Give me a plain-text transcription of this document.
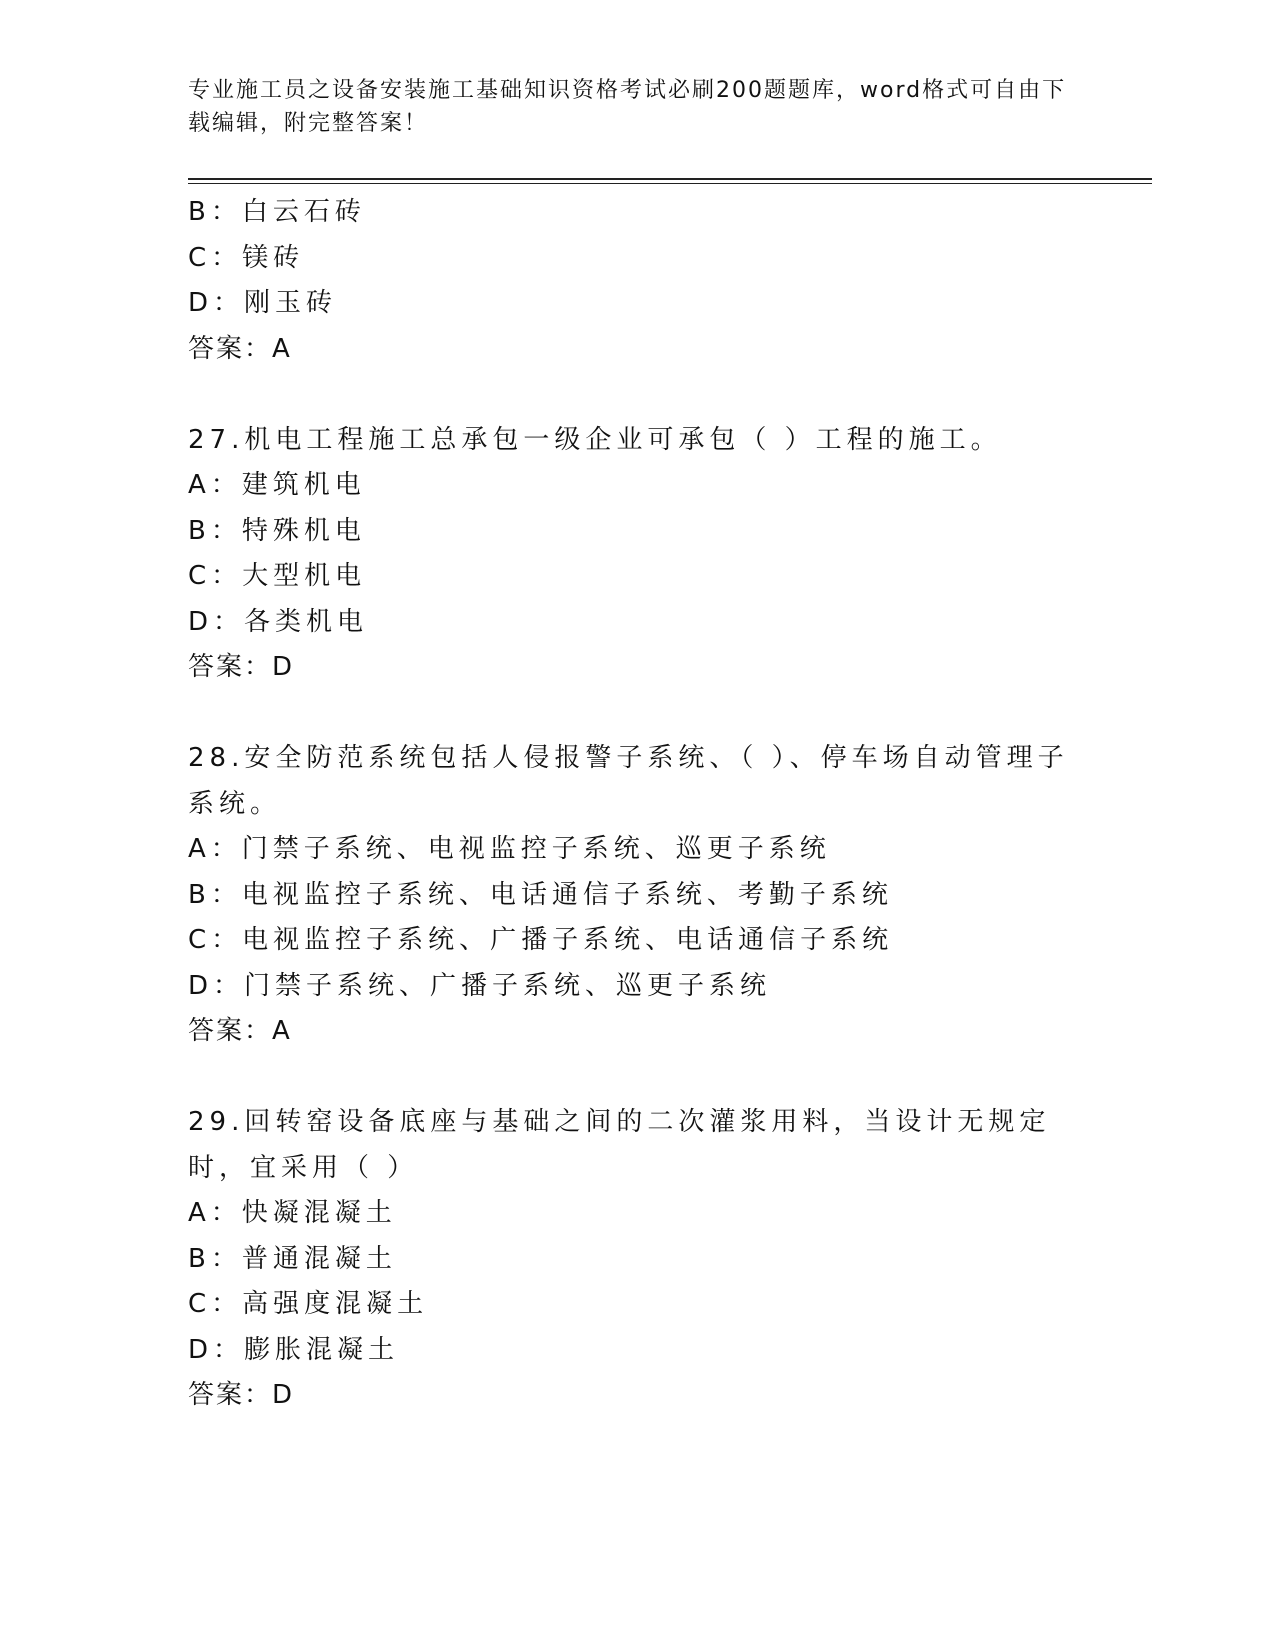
专业施工员之设备安装施工基础知识资格考试必刷200题题库，word格式可自由下载编辑，附完整答案！
B：白云石砖
C：镁砖
D：刚玉砖
答案：A
27.机电工程施工总承包一级企业可承包（ ）工程的施工。
A：建筑机电
B：特殊机电
C：大型机电
D：各类机电
答案：D
28.安全防范系统包括人侵报警子系统、（ ）、停车场自动管理子系统。
A：门禁子系统、电视监控子系统、巡更子系统
B：电视监控子系统、电话通信子系统、考勤子系统
C：电视监控子系统、广播子系统、电话通信子系统
D：门禁子系统、广播子系统、巡更子系统
答案：A
29.回转窑设备底座与基础之间的二次灌浆用料，当设计无规定时，宜采用（ ）
A：快凝混凝土
B：普通混凝土
C：高强度混凝土
D：膨胀混凝土
答案：D
